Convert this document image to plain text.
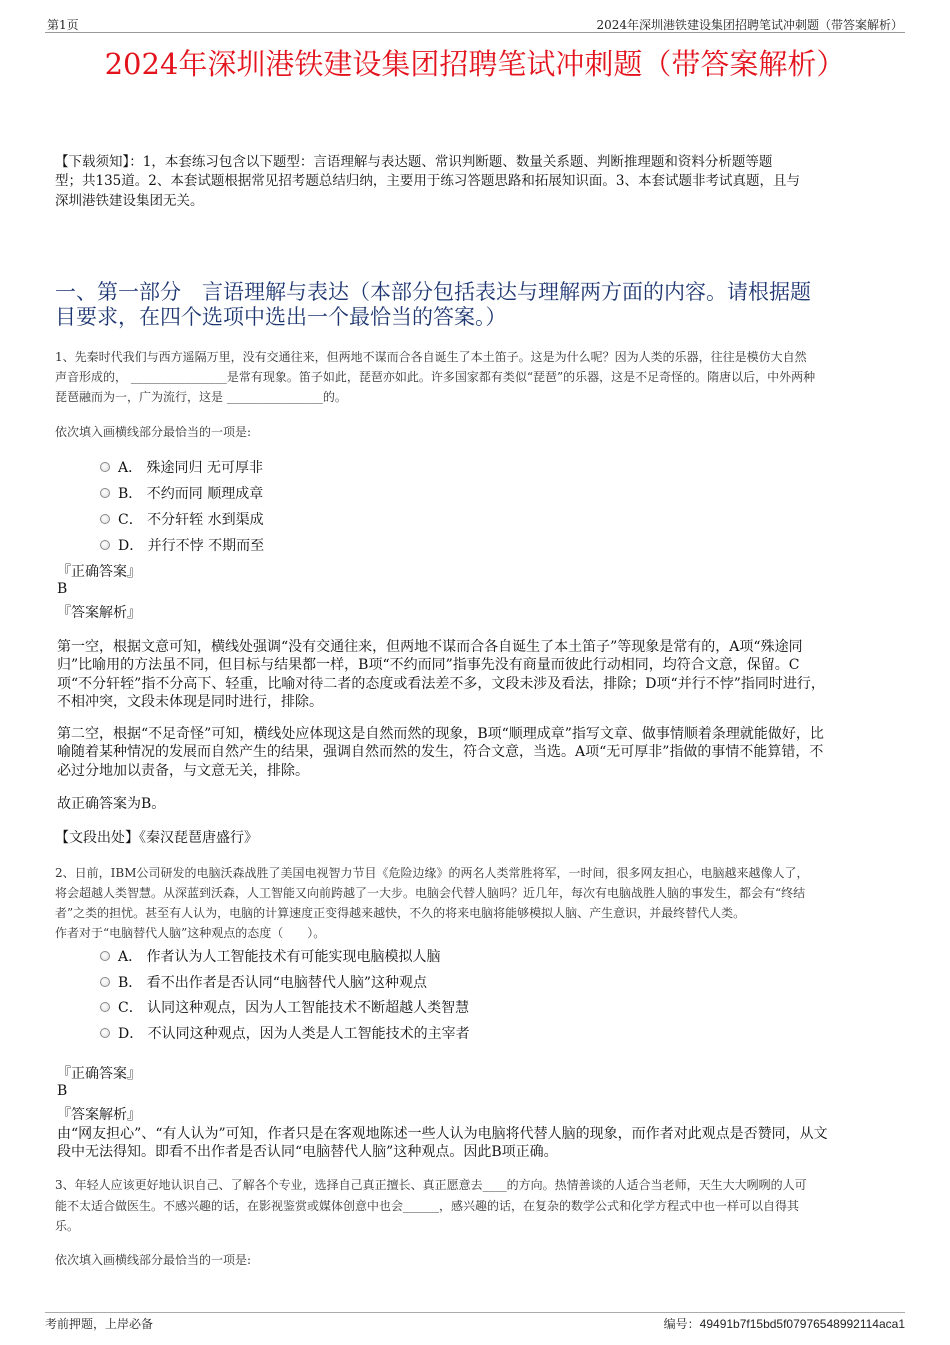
第1页	2024年深圳港铁建设集团招聘笔试冲刺题（带答案解析）
2024年深圳港铁建设集团招聘笔试冲刺题（带答案解析）
【下载须知】：1，本套练习包含以下题型：言语理解与表达题、常识判断题、数量关系题、判断推理题和资料分析题等题
型；共135道。2、本套试题根据常见招考题总结归纳，主要用于练习答题思路和拓展知识面。3、本套试题非考试真题，且与
深圳港铁建设集团无关。
一、第一部分　言语理解与表达（本部分包括表达与理解两方面的内容。请根据题
目要求，在四个选项中选出一个最恰当的答案。）
1、先秦时代我们与西方遥隔万里，没有交通往来，但两地不谋而合各自诞生了本土笛子。这是为什么呢？因为人类的乐器，往往是模仿大自然
声音形成的， ________________是常有现象。笛子如此，琵琶亦如此。许多国家都有类似“琵琶”的乐器，这是不足奇怪的。隋唐以后，中外两种
琵琶融而为一，广为流行，这是 ________________的。
依次填入画横线部分最恰当的一项是:
A． 殊途同归 无可厚非
B． 不约而同 顺理成章
C． 不分轩轾 水到渠成
D． 并行不悖 不期而至
『正确答案』
B
『答案解析』
第一空，根据文意可知，横线处强调“没有交通往来，但两地不谋而合各自诞生了本土笛子”等现象是常有的，A项“殊途同
归”比喻用的方法虽不同，但目标与结果都一样，B项“不约而同”指事先没有商量而彼此行动相同，均符合文意，保留。C
项“不分轩轾”指不分高下、轻重，比喻对待二者的态度或看法差不多，文段未涉及看法，排除；D项“并行不悖”指同时进行，
不相冲突，文段未体现是同时进行，排除。
第二空，根据“不足奇怪”可知，横线处应体现这是自然而然的现象，B项“顺理成章”指写文章、做事情顺着条理就能做好，比
喻随着某种情况的发展而自然产生的结果，强调自然而然的发生，符合文意，当选。A项“无可厚非”指做的事情不能算错，不
必过分地加以责备，与文意无关，排除。
故正确答案为B。
【文段出处】《秦汉琵琶唐盛行》
2、日前，IBM公司研发的电脑沃森战胜了美国电视智力节目《危险边缘》的两名人类常胜将军，一时间，很多网友担心，电脑越来越像人了，
将会超越人类智慧。从深蓝到沃森，人工智能又向前跨越了一大步。电脑会代替人脑吗？近几年，每次有电脑战胜人脑的事发生，都会有“终结
者”之类的担忧。甚至有人认为，电脑的计算速度正变得越来越快，不久的将来电脑将能够模拟人脑、产生意识，并最终替代人类。
作者对于“电脑替代人脑”这种观点的态度（　　）。
A． 作者认为人工智能技术有可能实现电脑模拟人脑
B． 看不出作者是否认同“电脑替代人脑”这种观点
C． 认同这种观点，因为人工智能技术不断超越人类智慧
D． 不认同这种观点，因为人类是人工智能技术的主宰者
『正确答案』
B
『答案解析』
由“网友担心”、“有人认为”可知，作者只是在客观地陈述一些人认为电脑将代替人脑的现象，而作者对此观点是否赞同，从文
段中无法得知。即看不出作者是否认同“电脑替代人脑”这种观点。因此B项正确。
3、年轻人应该更好地认识自己、了解各个专业，选择自己真正擅长、真正愿意去____的方向。热情善谈的人适合当老师，天生大大咧咧的人可
能不太适合做医生。不感兴趣的话，在影视鉴赏或媒体创意中也会______，感兴趣的话，在复杂的数学公式和化学方程式中也一样可以自得其
乐。
依次填入画横线部分最恰当的一项是:
考前押题，上岸必备	编号：49491b7f15bd5f07976548992114aca1
